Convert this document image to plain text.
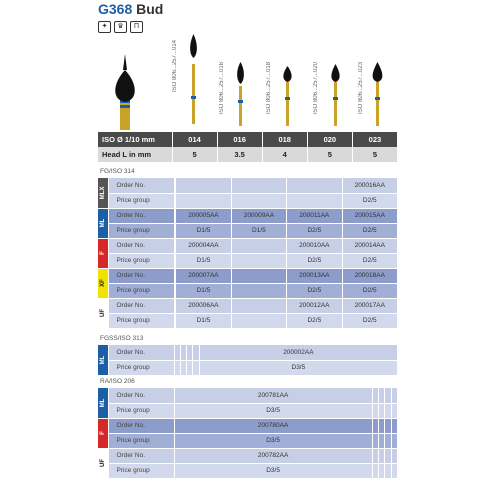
G368 Bud
✦	♛	Π
ISO 806...257...014	ISO 806...257...016	ISO 806...257...018	ISO 806...257...020	ISO 806...257...023
ISO Ø 1/10 mm	014	016	018	020	023
Head L in mm	5	3.5	4	5	5
FG/ISO 314
MLX	Order No.					200016AA
	Price group					D2/5

ML	Order No.		200005AA	200009AA	200011AA	200015AA
	Price group		D1/5	D1/5	D2/5	D2/5

F	Order No.		200004AA		200010AA	200014AA
	Price group		D1/5		D2/5	D2/5

XF	Order No.		200007AA		200013AA	200018AA
	Price group		D1/5		D2/5	D2/5

UF	Order No.		200006AA		200012AA	200017AA
	Price group		D1/5		D2/5	D2/5
FGSS/ISO 313
ML	Order No.					200002AA
	Price group					D3/5
RA/ISO 206
ML	Order No.	200781AA				
	Price group	D3/5				

F	Order No.	200780AA				
	Price group	D3/5				

UF	Order No.	200782AA				
	Price group	D3/5				
